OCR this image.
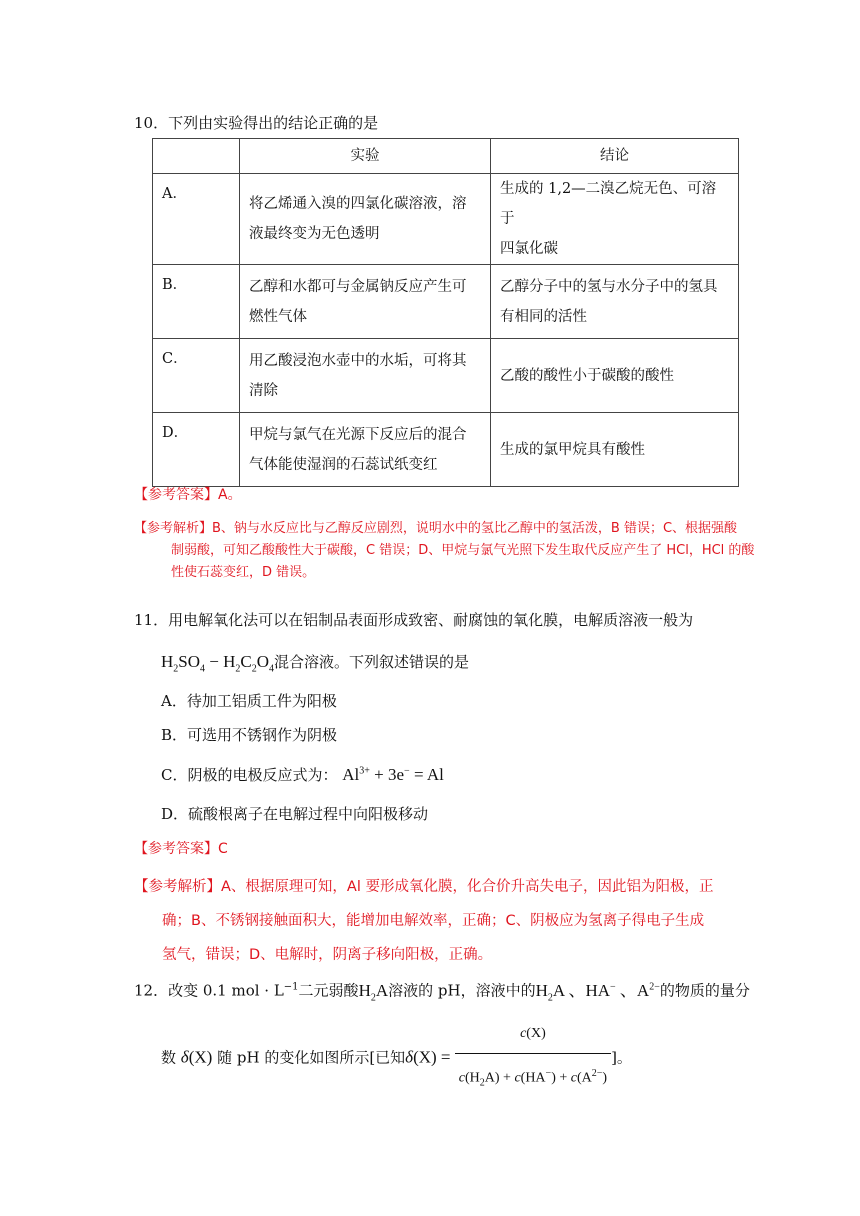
10．下列由实验得出的结论正确的是
	实验	结论
A．	将乙烯通入溴的四氯化碳溶液，溶
液最终变为无色透明	生成的 1,2—二溴乙烷无色、可溶于
四氯化碳
B．	乙醇和水都可与金属钠反应产生可
燃性气体	乙醇分子中的氢与水分子中的氢具
有相同的活性
C．	用乙酸浸泡水壶中的水垢，可将其
清除	乙酸的酸性小于碳酸的酸性
D．	甲烷与氯气在光源下反应后的混合
气体能使湿润的石蕊试纸变红	生成的氯甲烷具有酸性
【参考答案】A。
【参考解析】B、钠与水反应比与乙醇反应剧烈，说明水中的氢比乙醇中的氢活泼，B 错误；C、根据强酸
制弱酸，可知乙酸酸性大于碳酸，C 错误；D、甲烷与氯气光照下发生取代反应产生了 HCl，HCl 的酸
性使石蕊变红，D 错误。
11．用电解氧化法可以在铝制品表面形成致密、耐腐蚀的氧化膜，电解质溶液一般为
$H_2SO_4 - H_2C_2O_4$混合溶液。下列叙述错误的是
A．待加工铝质工件为阳极
B．可选用不锈钢作为阴极
C．阴极的电极反应式为： $Al^{3+} + 3e^- = Al$
D．硫酸根离子在电解过程中向阳极移动
【参考答案】C
【参考解析】A、根据原理可知，Al 要形成氧化膜，化合价升高失电子，因此铝为阳极，正
确；B、不锈钢接触面积大，能增加电解效率，正确；C、阴极应为氢离子得电子生成
氢气，错误；D、电解时，阴离子移向阳极，正确。
12．改变 0.1 mol · $L^{-1}$二元弱酸$H_2A$溶液的 pH，溶液中的$H_2A$ 、HA− 、$A^{2-}$的物质的量分
数 δ(X) 随 pH 的变化如图所示[已知$\delta(X) = \frac{c(X)}{c(H_2A) + c(HA^-) + c(A^{2-})}$ ]。
